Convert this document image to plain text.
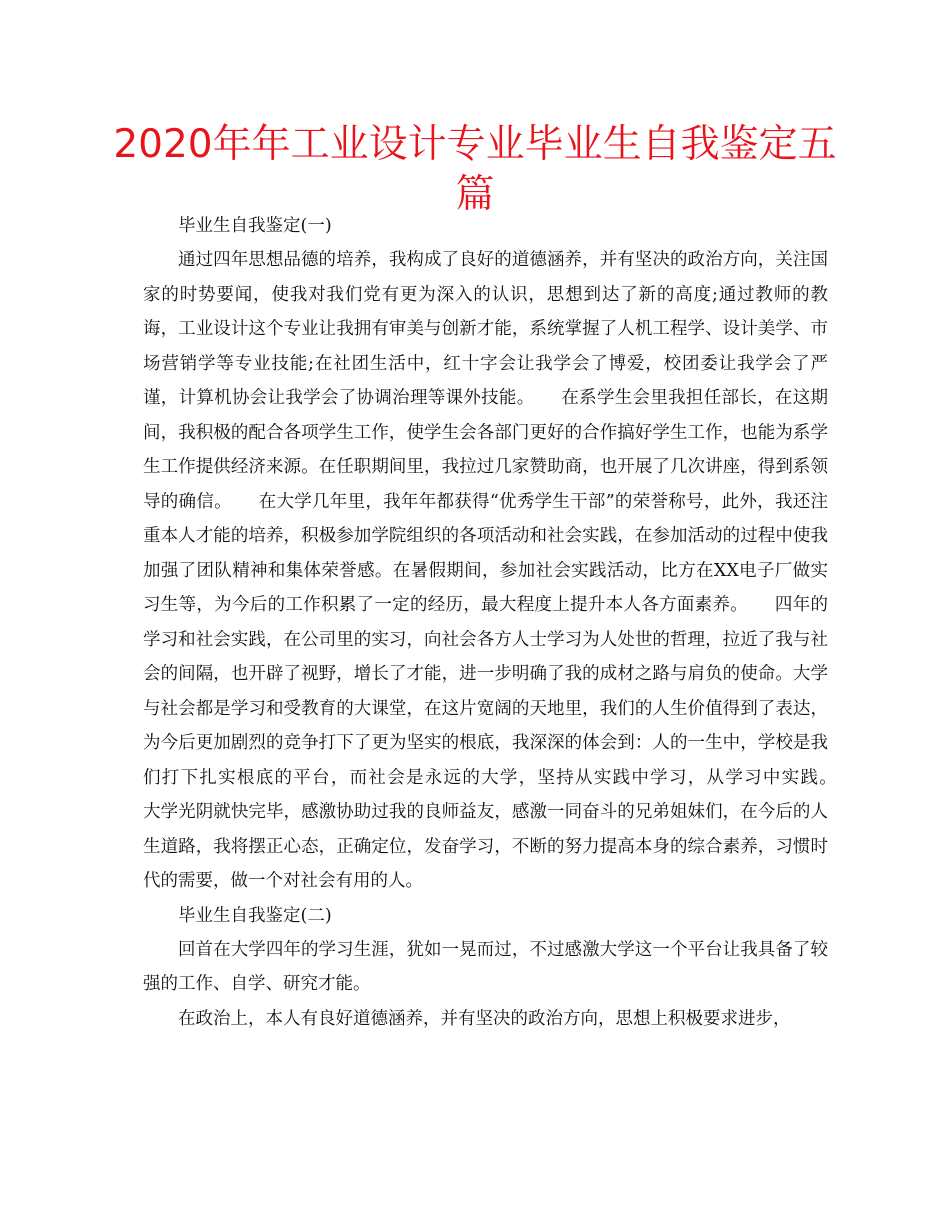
2020年年工业设计专业毕业生自我鉴定五篇

毕业生自我鉴定(一)

通过四年思想品德的培养，我构成了良好的道德涵养，并有坚决的政治方向，关注国家的时势要闻，使我对我们党有更为深入的认识，思想到达了新的高度;通过教师的教诲，工业设计这个专业让我拥有审美与创新才能，系统掌握了人机工程学、设计美学、市场营销学等专业技能;在社团生活中，红十字会让我学会了博爱，校团委让我学会了严谨，计算机协会让我学会了协调治理等课外技能。　　在系学生会里我担任部长，在这期间，我积极的配合各项学生工作，使学生会各部门更好的合作搞好学生工作，也能为系学生工作提供经济来源。在任职期间里，我拉过几家赞助商，也开展了几次讲座，得到系领导的确信。　　在大学几年里，我年年都获得“优秀学生干部”的荣誉称号，此外，我还注重本人才能的培养，积极参加学院组织的各项活动和社会实践，在参加活动的过程中使我加强了团队精神和集体荣誉感。在暑假期间，参加社会实践活动，比方在XX电子厂做实习生等，为今后的工作积累了一定的经历，最大程度上提升本人各方面素养。　　四年的学习和社会实践，在公司里的实习，向社会各方人士学习为人处世的哲理，拉近了我与社会的间隔，也开辟了视野，增长了才能，进一步明确了我的成材之路与肩负的使命。大学与社会都是学习和受教育的大课堂，在这片宽阔的天地里，我们的人生价值得到了表达，为今后更加剧烈的竞争打下了更为坚实的根底，我深深的体会到：人的一生中，学校是我们打下扎实根底的平台，而社会是永远的大学，坚持从实践中学习，从学习中实践。　　大学光阴就快完毕，感激协助过我的良师益友，感激一同奋斗的兄弟姐妹们，在今后的人生道路，我将摆正心态，正确定位，发奋学习，不断的努力提高本身的综合素养，习惯时代的需要，做一个对社会有用的人。

毕业生自我鉴定(二)

回首在大学四年的学习生涯，犹如一晃而过，不过感激大学这一个平台让我具备了较强的工作、自学、研究才能。

在政治上，本人有良好道德涵养，并有坚决的政治方向，思想上积极要求进步，
